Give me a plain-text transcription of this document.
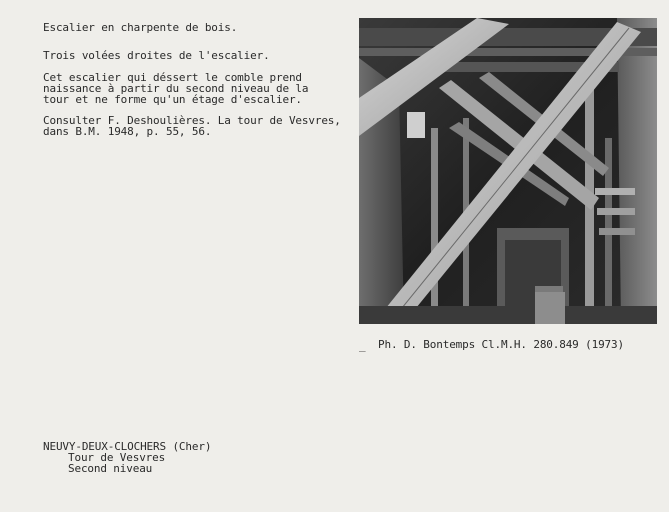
Escalier en charpente de bois.
Trois volées droites de l'escalier.
Cet escalier qui déssert le comble prend
naissance à partir du second niveau de la
tour et ne forme qu'un étage d'escalier.
Consulter F. Deshoulières. La tour de Vesvres,
dans B.M. 1948, p. 55, 56.
_ Ph. D. Bontemps Cl.M.H. 280.849 (1973)
NEUVY-DEUX-CLOCHERS (Cher)
Tour de Vesvres
Second niveau
